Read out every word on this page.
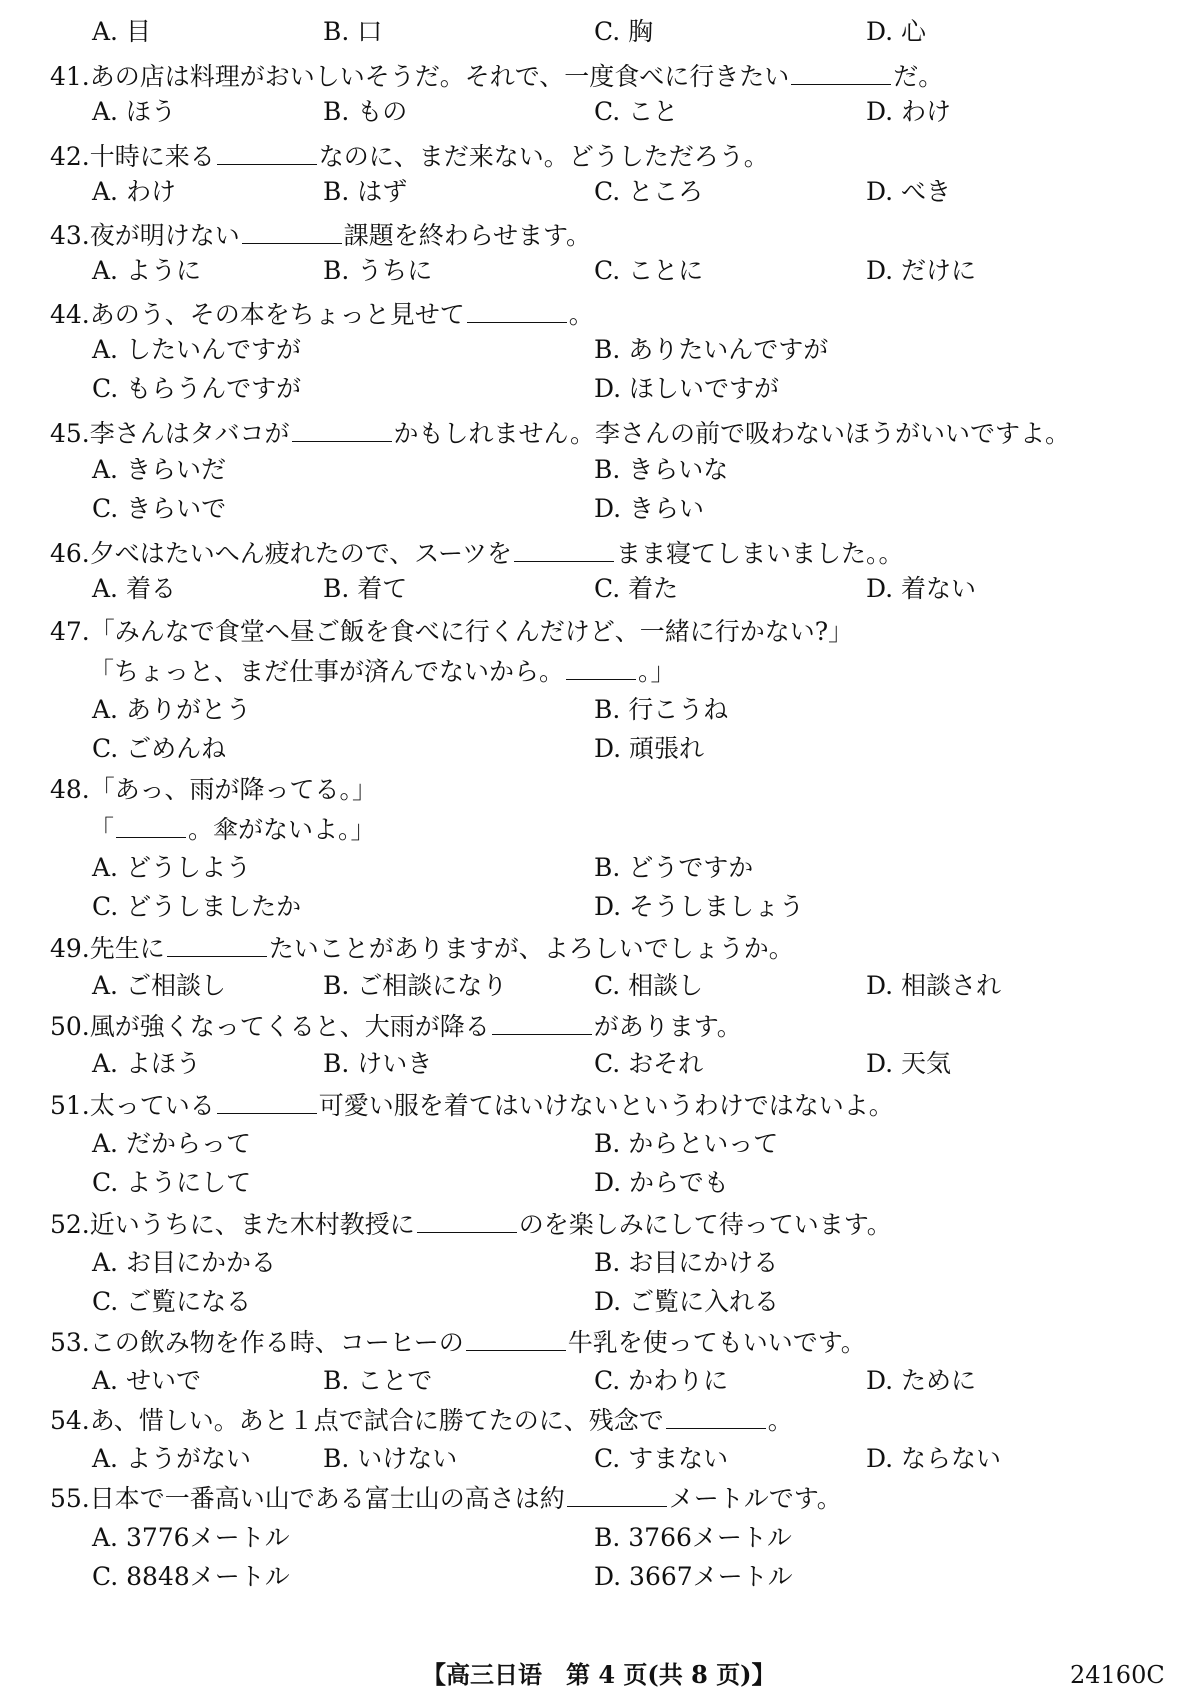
A. 目	B. 口	C. 胸	D. 心
41.あの店は料理がおいしいそうだ。それで、一度食べに行きたい	だ。
A. ほう	B. もの	C. こと	D. わけ
42.十時に来る	なのに、まだ来ない。どうしただろう。
A. わけ	B. はず	C. ところ	D. べき
43.夜が明けない	課題を終わらせます。
A. ように	B. うちに	C. ことに	D. だけに
44.あのう、その本をちょっと見せて	。
A. したいんですが	B. ありたいんですが
C. もらうんですが	D. ほしいですが
45.李さんはタバコが	かもしれません。李さんの前で吸わないほうがいいですよ。
A. きらいだ	B. きらいな
C. きらいで	D. きらい
46.夕べはたいへん疲れたので、スーツを	まま寝てしまいました。。
A. 着る	B. 着て	C. 着た	D. 着ない
47.「みんなで食堂へ昼ご飯を食べに行くんだけど、一緒に行かない?」
「ちょっと、まだ仕事が済んでないから。	。」
A. ありがとう	B. 行こうね
C. ごめんね	D. 頑張れ
48.「あっ、雨が降ってる。」
「	。傘がないよ。」
A. どうしよう	B. どうですか
C. どうしましたか	D. そうしましょう
49.先生に	たいことがありますが、よろしいでしょうか。
A. ご相談し	B. ご相談になり	C. 相談し	D. 相談され
50.風が強くなってくると、大雨が降る	があります。
A. よほう	B. けいき	C. おそれ	D. 天気
51.太っている	可愛い服を着てはいけないというわけではないよ。
A. だからって	B. からといって
C. ようにして	D. からでも
52.近いうちに、また木村教授に	のを楽しみにして待っています。
A. お目にかかる	B. お目にかける
C. ご覧になる	D. ご覧に入れる
53.この飲み物を作る時、コーヒーの	牛乳を使ってもいいです。
A. せいで	B. ことで	C. かわりに	D. ために
54.あ、惜しい。あと１点で試合に勝てたのに、残念で	。
A. ようがない	B. いけない	C. すまない	D. ならない
55.日本で一番高い山である富士山の高さは約	メートルです。
A. 3776メートル	B. 3766メートル
C. 8848メートル	D. 3667メートル
【高三日语　第 4 页(共 8 页)】	24160C
